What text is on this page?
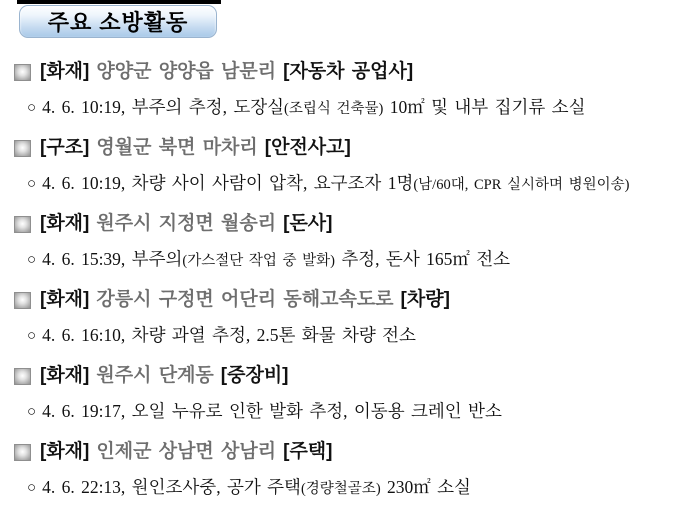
주요 소방활동
[화재] 양양군 양양읍 남문리 [자동차 공업사]
○ 4. 6. 10:19, 부주의 추정, 도장실(조립식 건축물) 10㎡ 및 내부 집기류 소실
[구조] 영월군 북면 마차리 [안전사고]
○ 4. 6. 10:19, 차량 사이 사람이 압착, 요구조자 1명(남/60대, CPR 실시하며 병원이송)
[화재] 원주시 지정면 월송리 [돈사]
○ 4. 6. 15:39, 부주의(가스절단 작업 중 발화) 추정, 돈사 165㎡ 전소
[화재] 강릉시 구정면 어단리 동해고속도로 [차량]
○ 4. 6. 16:10, 차량 과열 추정, 2.5톤 화물 차량 전소
[화재] 원주시 단계동 [중장비]
○ 4. 6. 19:17, 오일 누유로 인한 발화 추정, 이동용 크레인 반소
[화재] 인제군 상남면 상남리 [주택]
○ 4. 6. 22:13, 원인조사중, 공가 주택(경량철골조) 230㎡ 소실
